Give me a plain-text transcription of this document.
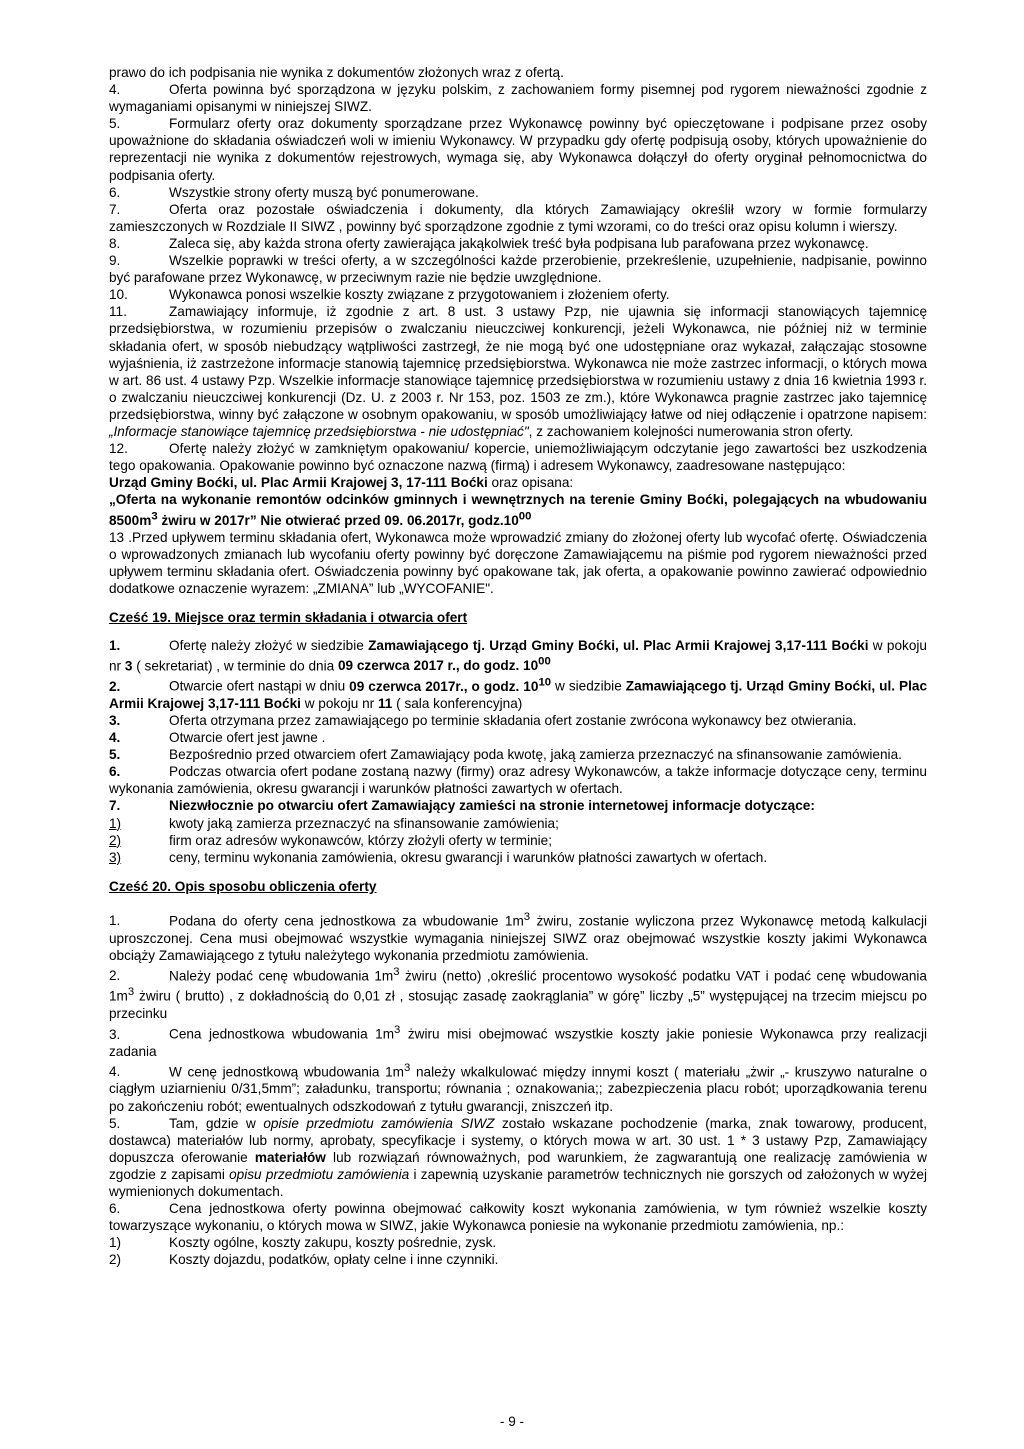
prawo do ich podpisania nie wynika z dokumentów złożonych wraz z ofertą.

4.	Oferta powinna być sporządzona w języku polskim, z zachowaniem formy pisemnej pod rygorem nieważności zgodnie z wymaganiami opisanymi w niniejszej SIWZ.

5.	Formularz oferty oraz dokumenty sporządzane przez Wykonawcę powinny być opieczętowane i podpisane przez osoby upoważnione do składania oświadczeń woli w imieniu Wykonawcy. W przypadku gdy ofertę podpisują osoby, których upoważnienie do reprezentacji nie wynika z dokumentów rejestrowych, wymaga się, aby Wykonawca dołączył do oferty oryginał pełnomocnictwa do podpisania oferty.

6.	Wszystkie strony oferty muszą być ponumerowane.

7.	Oferta oraz pozostałe oświadczenia i dokumenty, dla których Zamawiający określił wzory w formie formularzy zamieszczonych w Rozdziale II SIWZ , powinny być sporządzone zgodnie z tymi wzorami, co do treści oraz opisu kolumn i wierszy.

8.	Zaleca się, aby każda strona oferty zawierająca jakąkolwiek treść była podpisana lub parafowana przez wykonawcę.

9.	Wszelkie poprawki w treści oferty, a w szczególności każde przerobienie, przekreślenie, uzupełnienie, nadpisanie, powinno być parafowane przez Wykonawcę, w przeciwnym razie nie będzie uwzględnione.

10.	Wykonawca ponosi wszelkie koszty związane z przygotowaniem i złożeniem oferty.

11.	Zamawiający informuje, iż zgodnie z art. 8 ust. 3 ustawy Pzp, nie ujawnia się informacji stanowiących tajemnicę przedsiębiorstwa, w rozumieniu przepisów o zwalczaniu nieuczciwej konkurencji, jeżeli Wykonawca, nie później niż w terminie składania ofert, w sposób niebudzący wątpliwości zastrzegł, że nie mogą być one udostępniane oraz wykazał, załączając stosowne wyjaśnienia, iż zastrzeżone informacje stanowią tajemnicę przedsiębiorstwa. Wykonawca nie może zastrzec informacji, o których mowa w art. 86 ust. 4 ustawy Pzp. Wszelkie informacje stanowiące tajemnicę przedsiębiorstwa w rozumieniu ustawy z dnia 16 kwietnia 1993 r. o zwalczaniu nieuczciwej konkurencji (Dz. U. z 2003 r. Nr 153, poz. 1503 ze zm.), które Wykonawca pragnie zastrzec jako tajemnicę przedsiębiorstwa, winny być załączone w osobnym opakowaniu, w sposób umożliwiający łatwe od niej odłączenie i opatrzone napisem: „Informacje stanowiące tajemnicę przedsiębiorstwa - nie udostępniać", z zachowaniem kolejności numerowania stron oferty.

12.	Ofertę należy złożyć w zamkniętym opakowaniu/ kopercie, uniemożliwiającym odczytanie jego zawartości bez uszkodzenia tego opakowania. Opakowanie powinno być oznaczone nazwą (firmą) i adresem Wykonawcy, zaadresowane następująco:

Urząd Gminy Boćki, ul. Plac Armii Krajowej 3, 17-111 Boćki oraz opisana:

„Oferta na wykonanie remontów odcinków gminnych i wewnętrznych na terenie Gminy Boćki, polegających na wbudowaniu $8500m^3$ żwiru w 2017r” Nie otwierać przed 09. 06.2017r, $godz.10^{00}$

13 .Przed upływem terminu składania ofert, Wykonawca może wprowadzić zmiany do złożonej oferty lub wycofać ofertę. Oświadczenia o wprowadzonych zmianach lub wycofaniu oferty powinny być doręczone Zamawiającemu na piśmie pod rygorem nieważności przed upływem terminu składania ofert. Oświadczenia powinny być opakowane tak, jak oferta, a opakowanie powinno zawierać odpowiednio dodatkowe oznaczenie wyrazem: „ZMIANA” lub „WYCOFANIE".

Cześć 19. Miejsce oraz termin składania i otwarcia ofert

1.	Ofertę należy złożyć w siedzibie Zamawiającego tj. Urząd Gminy Boćki, ul. Plac Armii Krajowej 3,17-111 Boćki w pokoju nr 3 ( sekretariat) , w terminie do dnia 09 czerwca 2017 r., do godz. $10^{00}$

2.	Otwarcie ofert nastąpi w dniu 09 czerwca 2017r., o godz. $10^{10}$ w siedzibie Zamawiającego tj. Urząd Gminy Boćki, ul. Plac Armii Krajowej 3,17-111 Boćki w pokoju nr 11 ( sala konferencyjna)

3.	Oferta otrzymana przez zamawiającego po terminie składania ofert zostanie zwrócona wykonawcy bez otwierania.

4.	Otwarcie ofert jest jawne .

5.	Bezpośrednio przed otwarciem ofert Zamawiający poda kwotę, jaką zamierza przeznaczyć na sfinansowanie zamówienia.

6.	Podczas otwarcia ofert podane zostaną nazwy (firmy) oraz adresy Wykonawców, a także informacje dotyczące ceny, terminu wykonania zamówienia, okresu gwarancji i warunków płatności zawartych w ofertach.

7.	Niezwłocznie po otwarciu ofert Zamawiający zamieści na stronie internetowej informacje dotyczące:

1)	kwoty jaką zamierza przeznaczyć na sfinansowanie zamówienia;

2)	firm oraz adresów wykonawców, którzy złożyli oferty w terminie;

3)	ceny, terminu wykonania zamówienia, okresu gwarancji i warunków płatności zawartych w ofertach.

Cześć 20. Opis sposobu obliczenia oferty

1.	Podana do oferty cena jednostkowa za wbudowanie $1m^3$ żwiru, zostanie wyliczona przez Wykonawcę metodą kalkulacji uproszczonej. Cena musi obejmować wszystkie wymagania niniejszej SIWZ oraz obejmować wszystkie koszty jakimi Wykonawca obciąży Zamawiającego z tytułu należytego wykonania przedmiotu zamówienia.

2.	Należy podać cenę wbudowania $1m^3$ żwiru (netto) ,określić procentowo wysokość podatku VAT i podać cenę wbudowania $1m^3$ żwiru ( brutto) , z dokładnością do 0,01 zł , stosując zasadę zaokrąglania” w górę” liczby „5” występującej na trzecim miejscu po przecinku

3.	Cena jednostkowa wbudowania $1m^3$ żwiru misi obejmować wszystkie koszty jakie poniesie Wykonawca przy realizacji zadania

4.	W cenę jednostkową wbudowania $1m^3$ należy wkalkulować między innymi koszt ( materiału „żwir „- kruszywo naturalne o ciągłym uziarnieniu 0/31,5mm”; załadunku, transportu; równania ; oznakowania;; zabezpieczenia placu robót; uporządkowania terenu po zakończeniu robót; ewentualnych odszkodowań z tytułu gwarancji, zniszczeń itp.

5.	Tam, gdzie w opisie przedmiotu zamówienia SIWZ zostało wskazane pochodzenie (marka, znak towarowy, producent, dostawca) materiałów lub normy, aprobaty, specyfikacje i systemy, o których mowa w art. 30 ust. 1 * 3 ustawy Pzp, Zamawiający dopuszcza oferowanie materiałów lub rozwiązań równoważnych, pod warunkiem, że zagwarantują one realizację zamówienia w zgodzie z zapisami opisu przedmiotu zamówienia i zapewnią uzyskanie parametrów technicznych nie gorszych od założonych w wyżej wymienionych dokumentach.

6.	Cena jednostkowa oferty powinna obejmować całkowity koszt wykonania zamówienia, w tym również wszelkie koszty towarzyszące wykonaniu, o których mowa w SIWZ, jakie Wykonawca poniesie na wykonanie przedmiotu zamówienia, np.:

1)	Koszty ogólne, koszty zakupu, koszty pośrednie, zysk.

2)	Koszty dojazdu, podatków, opłaty celne i inne czynniki.

- 9 -
